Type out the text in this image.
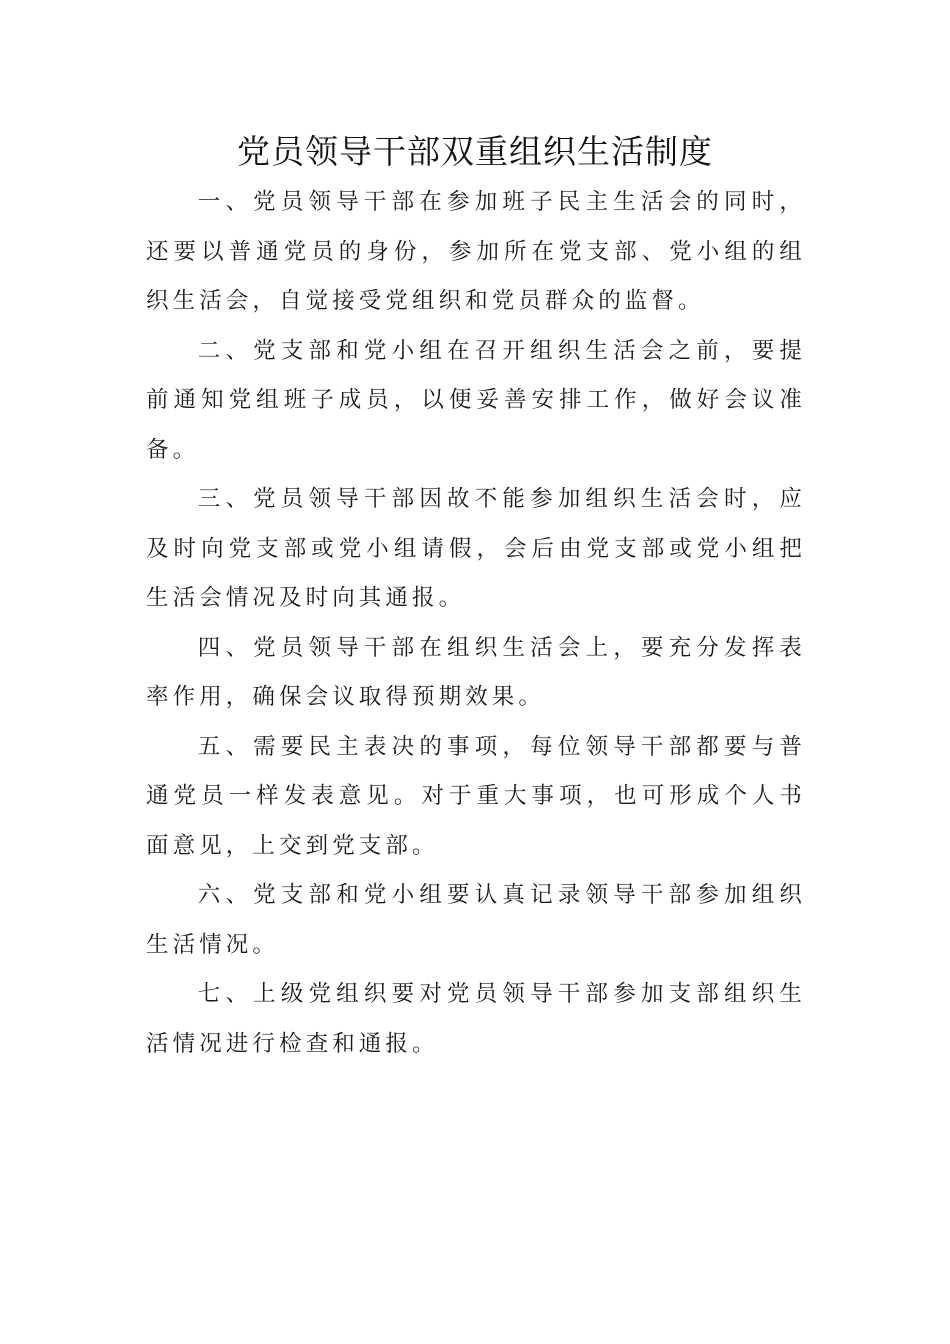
党员领导干部双重组织生活制度

一、党员领导干部在参加班子民主生活会的同时，还要以普通党员的身份，参加所在党支部、党小组的组织生活会，自觉接受党组织和党员群众的监督。

二、党支部和党小组在召开组织生活会之前，要提前通知党组班子成员，以便妥善安排工作，做好会议准备。

三、党员领导干部因故不能参加组织生活会时，应及时向党支部或党小组请假，会后由党支部或党小组把生活会情况及时向其通报。

四、党员领导干部在组织生活会上，要充分发挥表率作用，确保会议取得预期效果。

五、需要民主表决的事项，每位领导干部都要与普通党员一样发表意见。对于重大事项，也可形成个人书面意见，上交到党支部。

六、党支部和党小组要认真记录领导干部参加组织生活情况。

七、上级党组织要对党员领导干部参加支部组织生活情况进行检查和通报。
